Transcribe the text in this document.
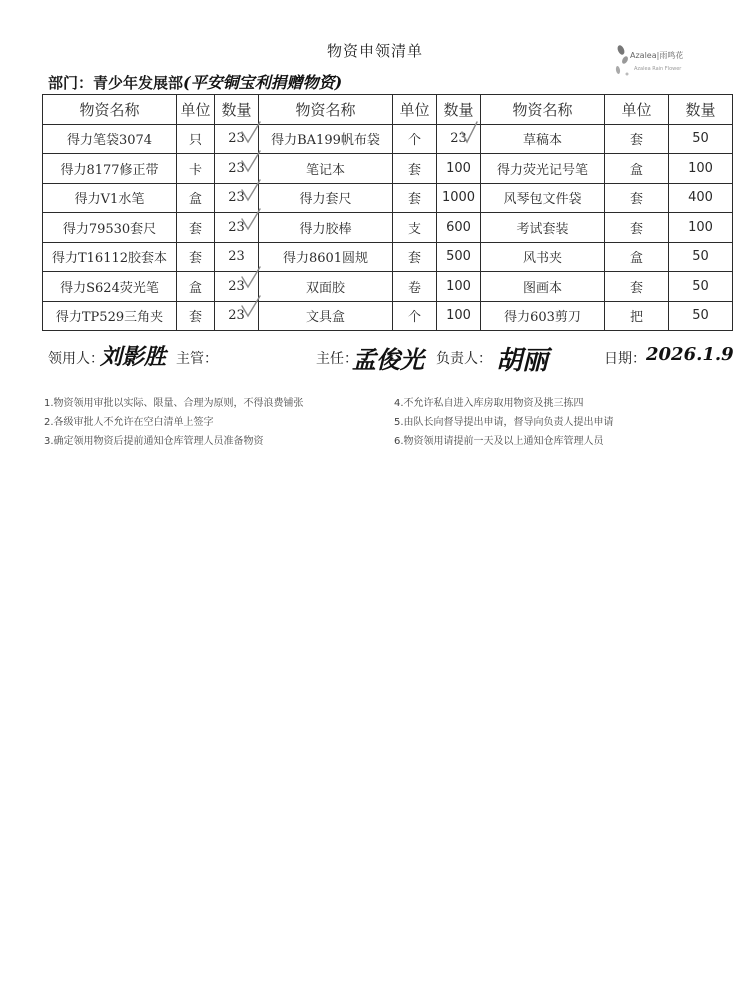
物资申领清单	Azalea|雨鸣花
Azalea Rain Flower
部门：青少年发展部(平安铜宝利捐赠物资)
物资名称	单位	数量	物资名称	单位	数量	物资名称	单位	数量
得力笔袋3074	只	23	得力BA199帆布袋	个	23	草稿本	套	50
得力8177修正带	卡	23	笔记本	套	100	得力荧光记号笔	盒	100
得力V1水笔	盒	23	得力套尺	套	1000	风琴包文件袋	套	400
得力79530套尺	套	23	得力胶棒	支	600	考试套装	套	100
得力T16112胶套本	套	23	得力8601圆规	套	500	风书夹	盒	50
得力S624荧光笔	盒	23	双面胶	卷	100	图画本	套	50
得力TP529三角夹	套	23	文具盒	个	100	得力603剪刀	把	50
领用人：
刘影胜 主管：	主任：
孟俊光 负责人： 胡丽	日期： 2026.1.9
1.物资领用审批以实际、限量、合理为原则，不得浪费铺张
2.各级审批人不允许在空白清单上签字
3.确定领用物资后提前通知仓库管理人员准备物资
4.不允许私自进入库房取用物资及挑三拣四
5.由队长向督导提出申请，督导向负责人提出申请
6.物资领用请提前一天及以上通知仓库管理人员
